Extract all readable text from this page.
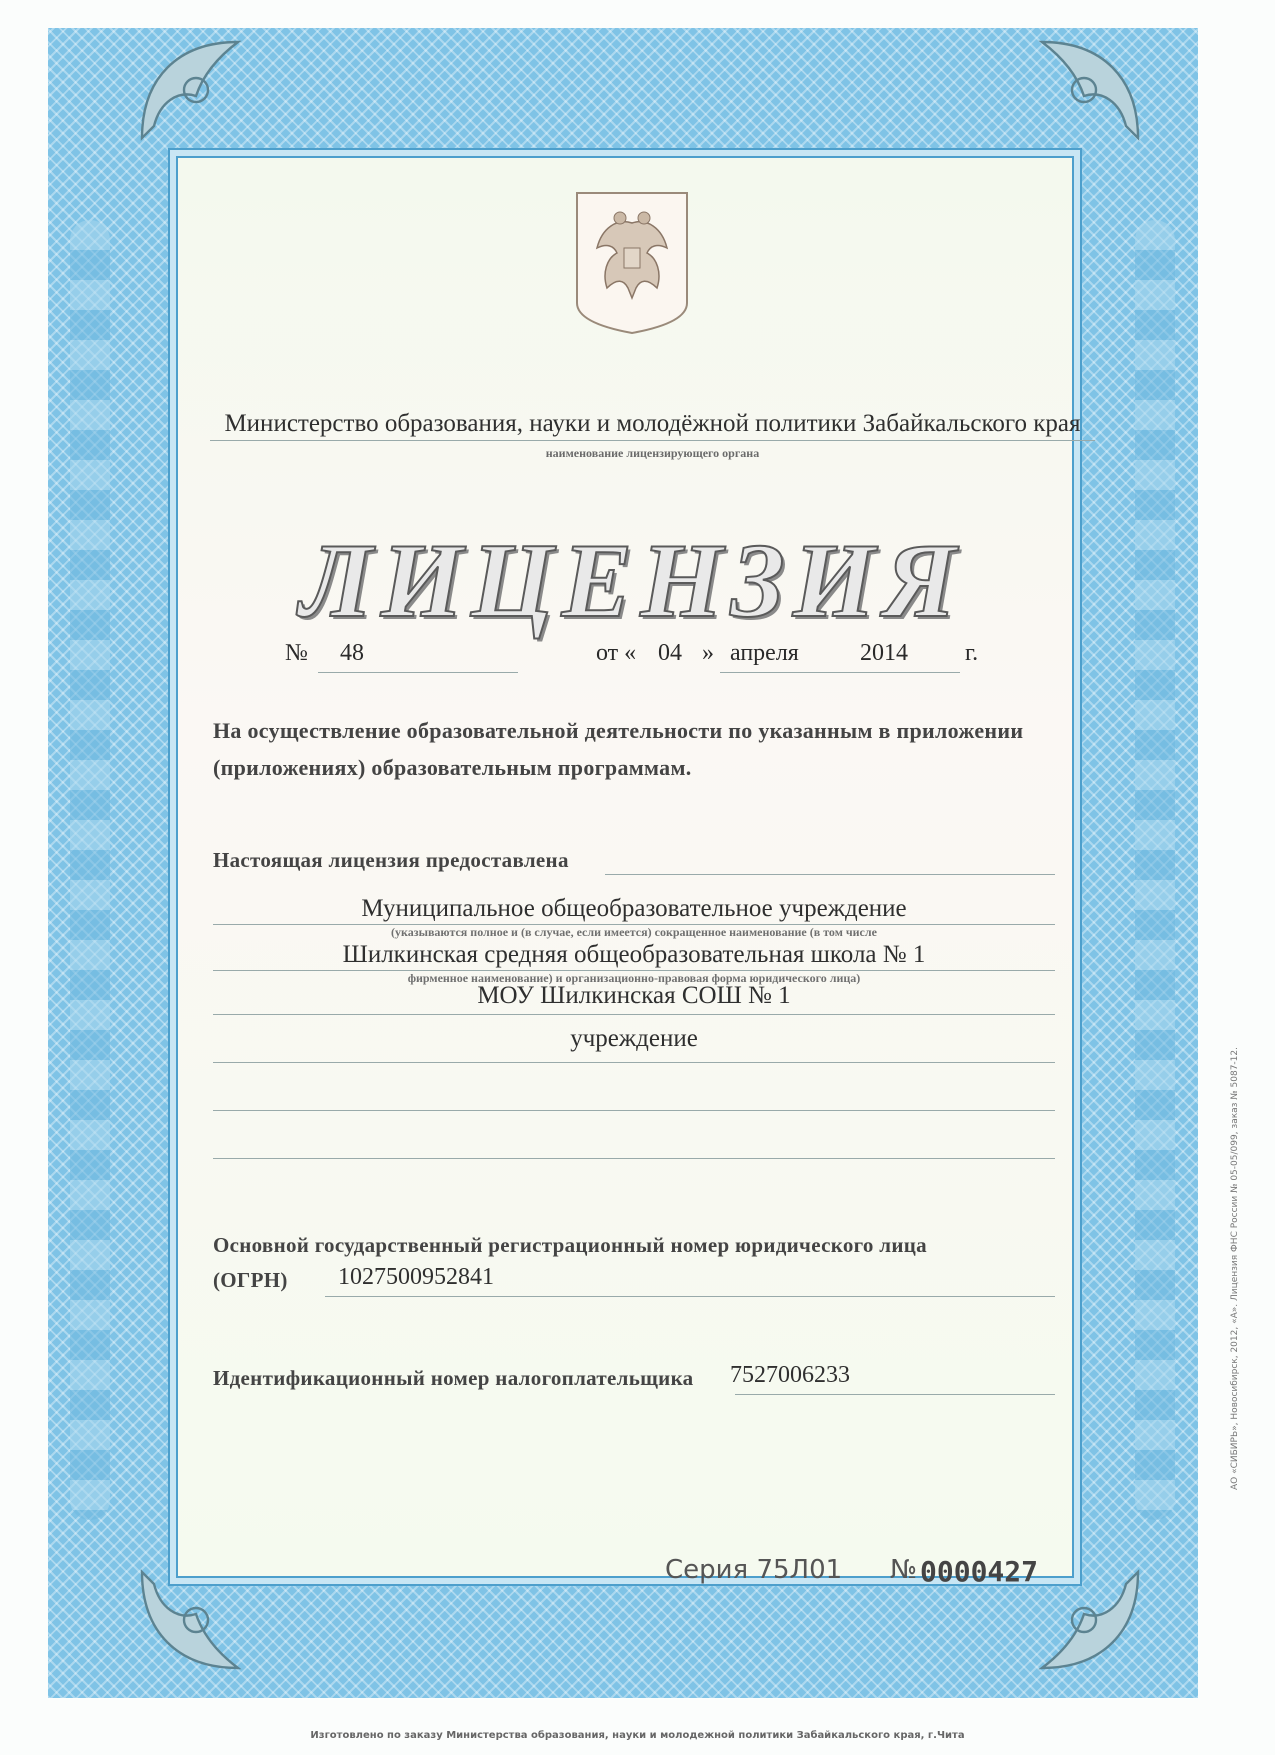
Министерство образования, науки и молодёжной политики Забайкальского края
наименование лицензирующего органа
ЛИЦЕНЗИЯ
№ 48	от « 04 » апреля	2014 г.
На осуществление образовательной деятельности по указанным в приложении
(приложениях) образовательным программам.
Настоящая лицензия предоставлена
Муниципальное общеобразовательное учреждение
(указываются полное и (в случае, если имеется) сокращенное наименование (в том числе
Шилкинская средняя общеобразовательная школа № 1
фирменное наименование) и организационно-правовая форма юридического лица)
МОУ Шилкинская СОШ № 1
учреждение
Основной государственный регистрационный номер юридического лица
(ОГРН) 1027500952841
Идентификационный номер налогоплательщика 7527006233
Серия 75Л01 № 0000427
АО «СИБИРЬ», Новосибирск, 2012, «А». Лицензия ФНС России № 05-05/099, заказ № 5087-12.
Изготовлено по заказу Министерства образования, науки и молодежной политики Забайкальского края, г.Чита
